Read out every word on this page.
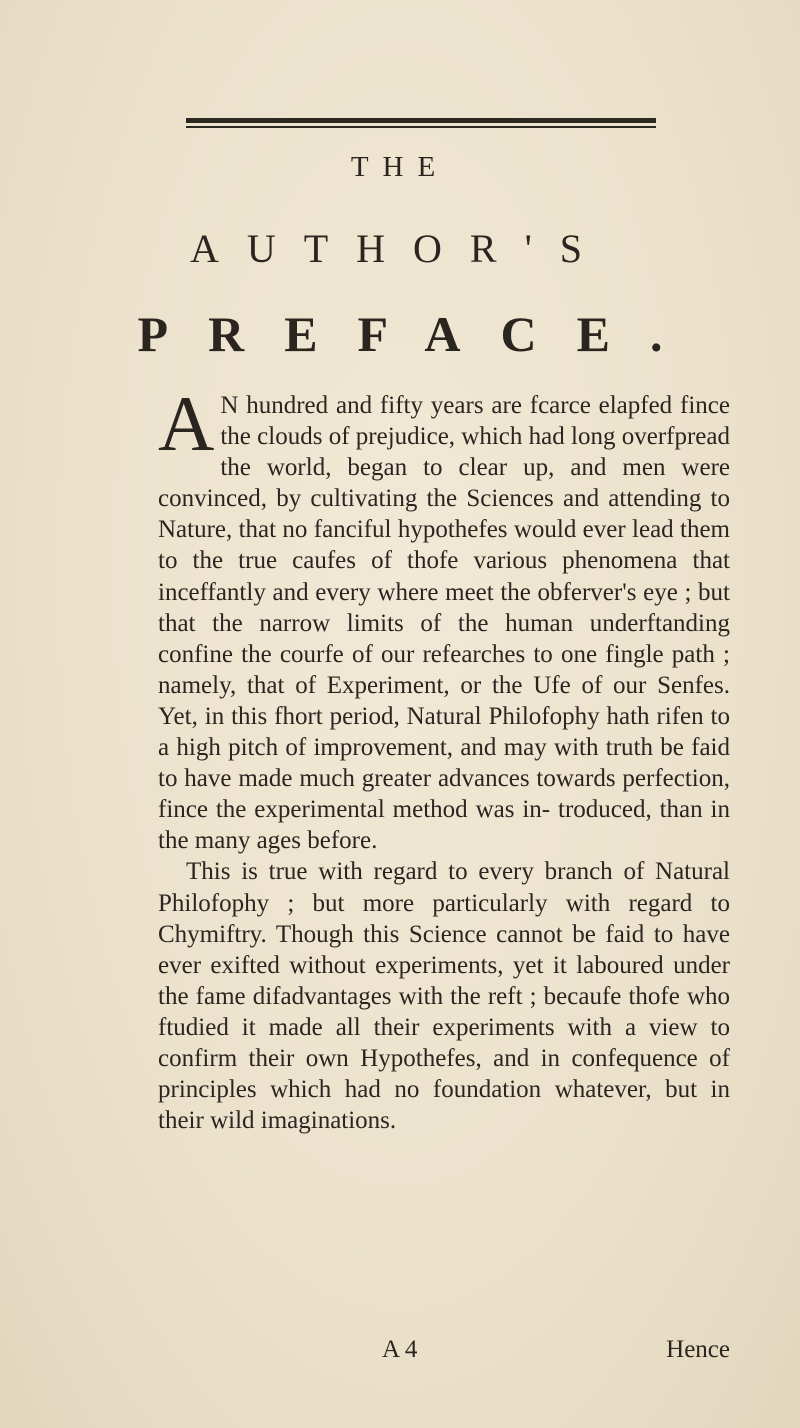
THE
AUTHOR'S
PREFACE.

A N hundred and fifty years are fcarce elapfed fince the clouds of prejudice, which had long overfpread the world, began to clear up, and men were convinced, by cultivating the Sciences and attending to Nature, that no fanciful hypothefes would ever lead them to the true caufes of thofe various phenomena that inceffantly and every where meet the obferver's eye ; but that the narrow limits of the human underftanding confine the courfe of our refearches to one fingle path ; namely, that of Experiment, or the Ufe of our Senfes. Yet, in this fhort period, Natural Philofophy hath rifen to a high pitch of improvement, and may with truth be faid to have made much greater advances towards perfection, fince the experimental method was in- troduced, than in the many ages before.

This is true with regard to every branch of Natural Philofophy ; but more particularly with regard to Chymiftry. Though this Science cannot be faid to have ever exifted without experiments, yet it laboured under the fame difadvantages with the reft ; becaufe thofe who ftudied it made all their experiments with a view to confirm their own Hypothefes, and in confequence of principles which had no foundation whatever, but in their wild imaginations.

A 4	Hence
